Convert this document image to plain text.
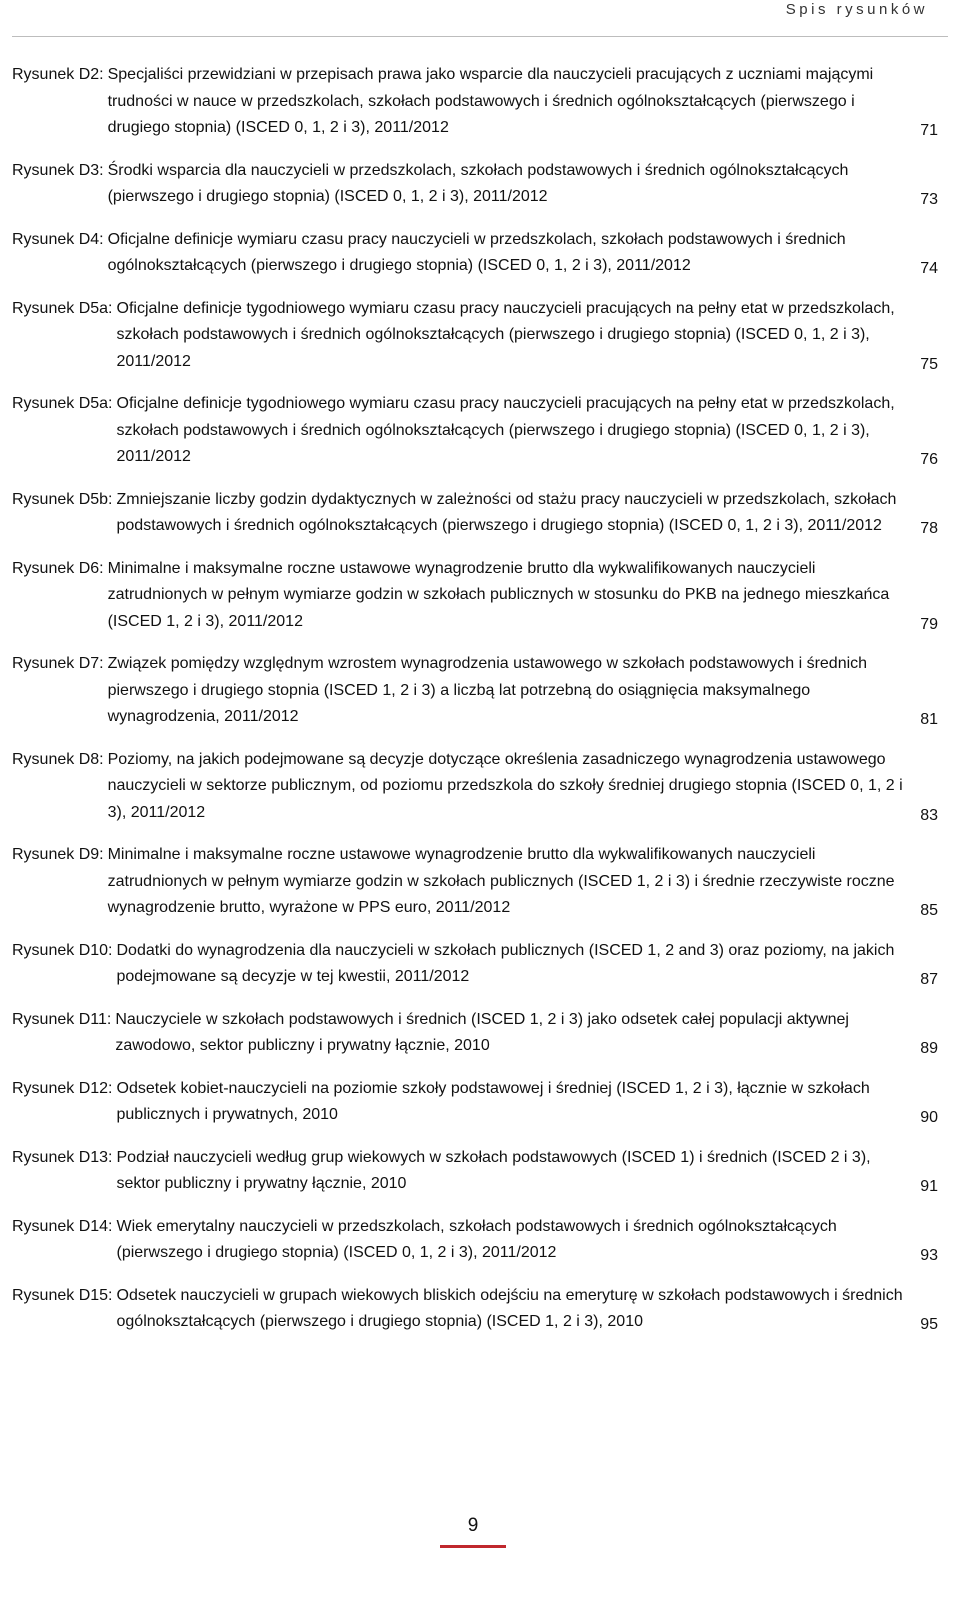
Spis rysunków
Rysunek D2: Specjaliści przewidziani w przepisach prawa jako wsparcie dla nauczycieli pracujących z uczniami mającymi trudności w nauce w przedszkolach, szkołach podstawowych i średnich ogólnokształcących (pierwszego i drugiego stopnia) (ISCED 0, 1, 2 i 3), 2011/2012	71
Rysunek D3: Środki wsparcia dla nauczycieli w przedszkolach, szkołach podstawowych i średnich ogólnokształcących (pierwszego i drugiego stopnia) (ISCED 0, 1, 2 i 3), 2011/2012	73
Rysunek D4: Oficjalne definicje wymiaru czasu pracy nauczycieli w przedszkolach, szkołach podstawowych i średnich ogólnokształcących (pierwszego i drugiego stopnia) (ISCED 0, 1, 2 i 3), 2011/2012	74
Rysunek D5a: Oficjalne definicje tygodniowego wymiaru czasu pracy nauczycieli pracujących na pełny etat w przedszkolach, szkołach podstawowych i średnich ogólnokształcących (pierwszego i drugiego stopnia) (ISCED 0, 1, 2 i 3), 2011/2012	75
Rysunek D5a: Oficjalne definicje tygodniowego wymiaru czasu pracy nauczycieli pracujących na pełny etat w przedszkolach, szkołach podstawowych i średnich ogólnokształcących (pierwszego i drugiego stopnia) (ISCED 0, 1, 2 i 3), 2011/2012	76
Rysunek D5b: Zmniejszanie liczby godzin dydaktycznych w zależności od stażu pracy nauczycieli w przedszkolach, szkołach podstawowych i średnich ogólnokształcących (pierwszego i drugiego stopnia) (ISCED 0, 1, 2 i 3), 2011/2012	78
Rysunek D6: Minimalne i maksymalne roczne ustawowe wynagrodzenie brutto dla wykwalifikowanych nauczycieli zatrudnionych w pełnym wymiarze godzin w szkołach publicznych w stosunku do PKB na jednego mieszkańca (ISCED 1, 2 i 3), 2011/2012	79
Rysunek D7: Związek pomiędzy względnym wzrostem wynagrodzenia ustawowego w szkołach podstawowych i średnich pierwszego i drugiego stopnia (ISCED 1, 2 i 3) a liczbą lat potrzebną do osiągnięcia maksymalnego wynagrodzenia, 2011/2012	81
Rysunek D8: Poziomy, na jakich podejmowane są decyzje dotyczące określenia zasadniczego wynagrodzenia ustawowego nauczycieli w sektorze publicznym, od poziomu przedszkola do szkoły średniej drugiego stopnia (ISCED 0, 1, 2 i 3), 2011/2012	83
Rysunek D9: Minimalne i maksymalne roczne ustawowe wynagrodzenie brutto dla wykwalifikowanych nauczycieli zatrudnionych w pełnym wymiarze godzin w szkołach publicznych (ISCED 1, 2 i 3) i średnie rzeczywiste roczne wynagrodzenie brutto, wyrażone w PPS euro, 2011/2012	85
Rysunek D10: Dodatki do wynagrodzenia dla nauczycieli w szkołach publicznych (ISCED 1, 2 and 3) oraz poziomy, na jakich podejmowane są decyzje w tej kwestii, 2011/2012	87
Rysunek D11: Nauczyciele w szkołach podstawowych i średnich (ISCED 1, 2 i 3) jako odsetek całej populacji aktywnej zawodowo, sektor publiczny i prywatny łącznie, 2010	89
Rysunek D12: Odsetek kobiet-nauczycieli na poziomie szkoły podstawowej i średniej (ISCED 1, 2 i 3), łącznie w szkołach publicznych i prywatnych, 2010	90
Rysunek D13: Podział nauczycieli według grup wiekowych w szkołach podstawowych (ISCED 1) i średnich (ISCED 2 i 3), sektor publiczny i prywatny łącznie, 2010	91
Rysunek D14: Wiek emerytalny nauczycieli w przedszkolach, szkołach podstawowych i średnich ogólnokształcących (pierwszego i drugiego stopnia) (ISCED 0, 1, 2 i 3), 2011/2012	93
Rysunek D15: Odsetek nauczycieli w grupach wiekowych bliskich odejściu na emeryturę w szkołach podstawowych i średnich ogólnokształcących (pierwszego i drugiego stopnia) (ISCED 1, 2 i 3), 2010	95
9
